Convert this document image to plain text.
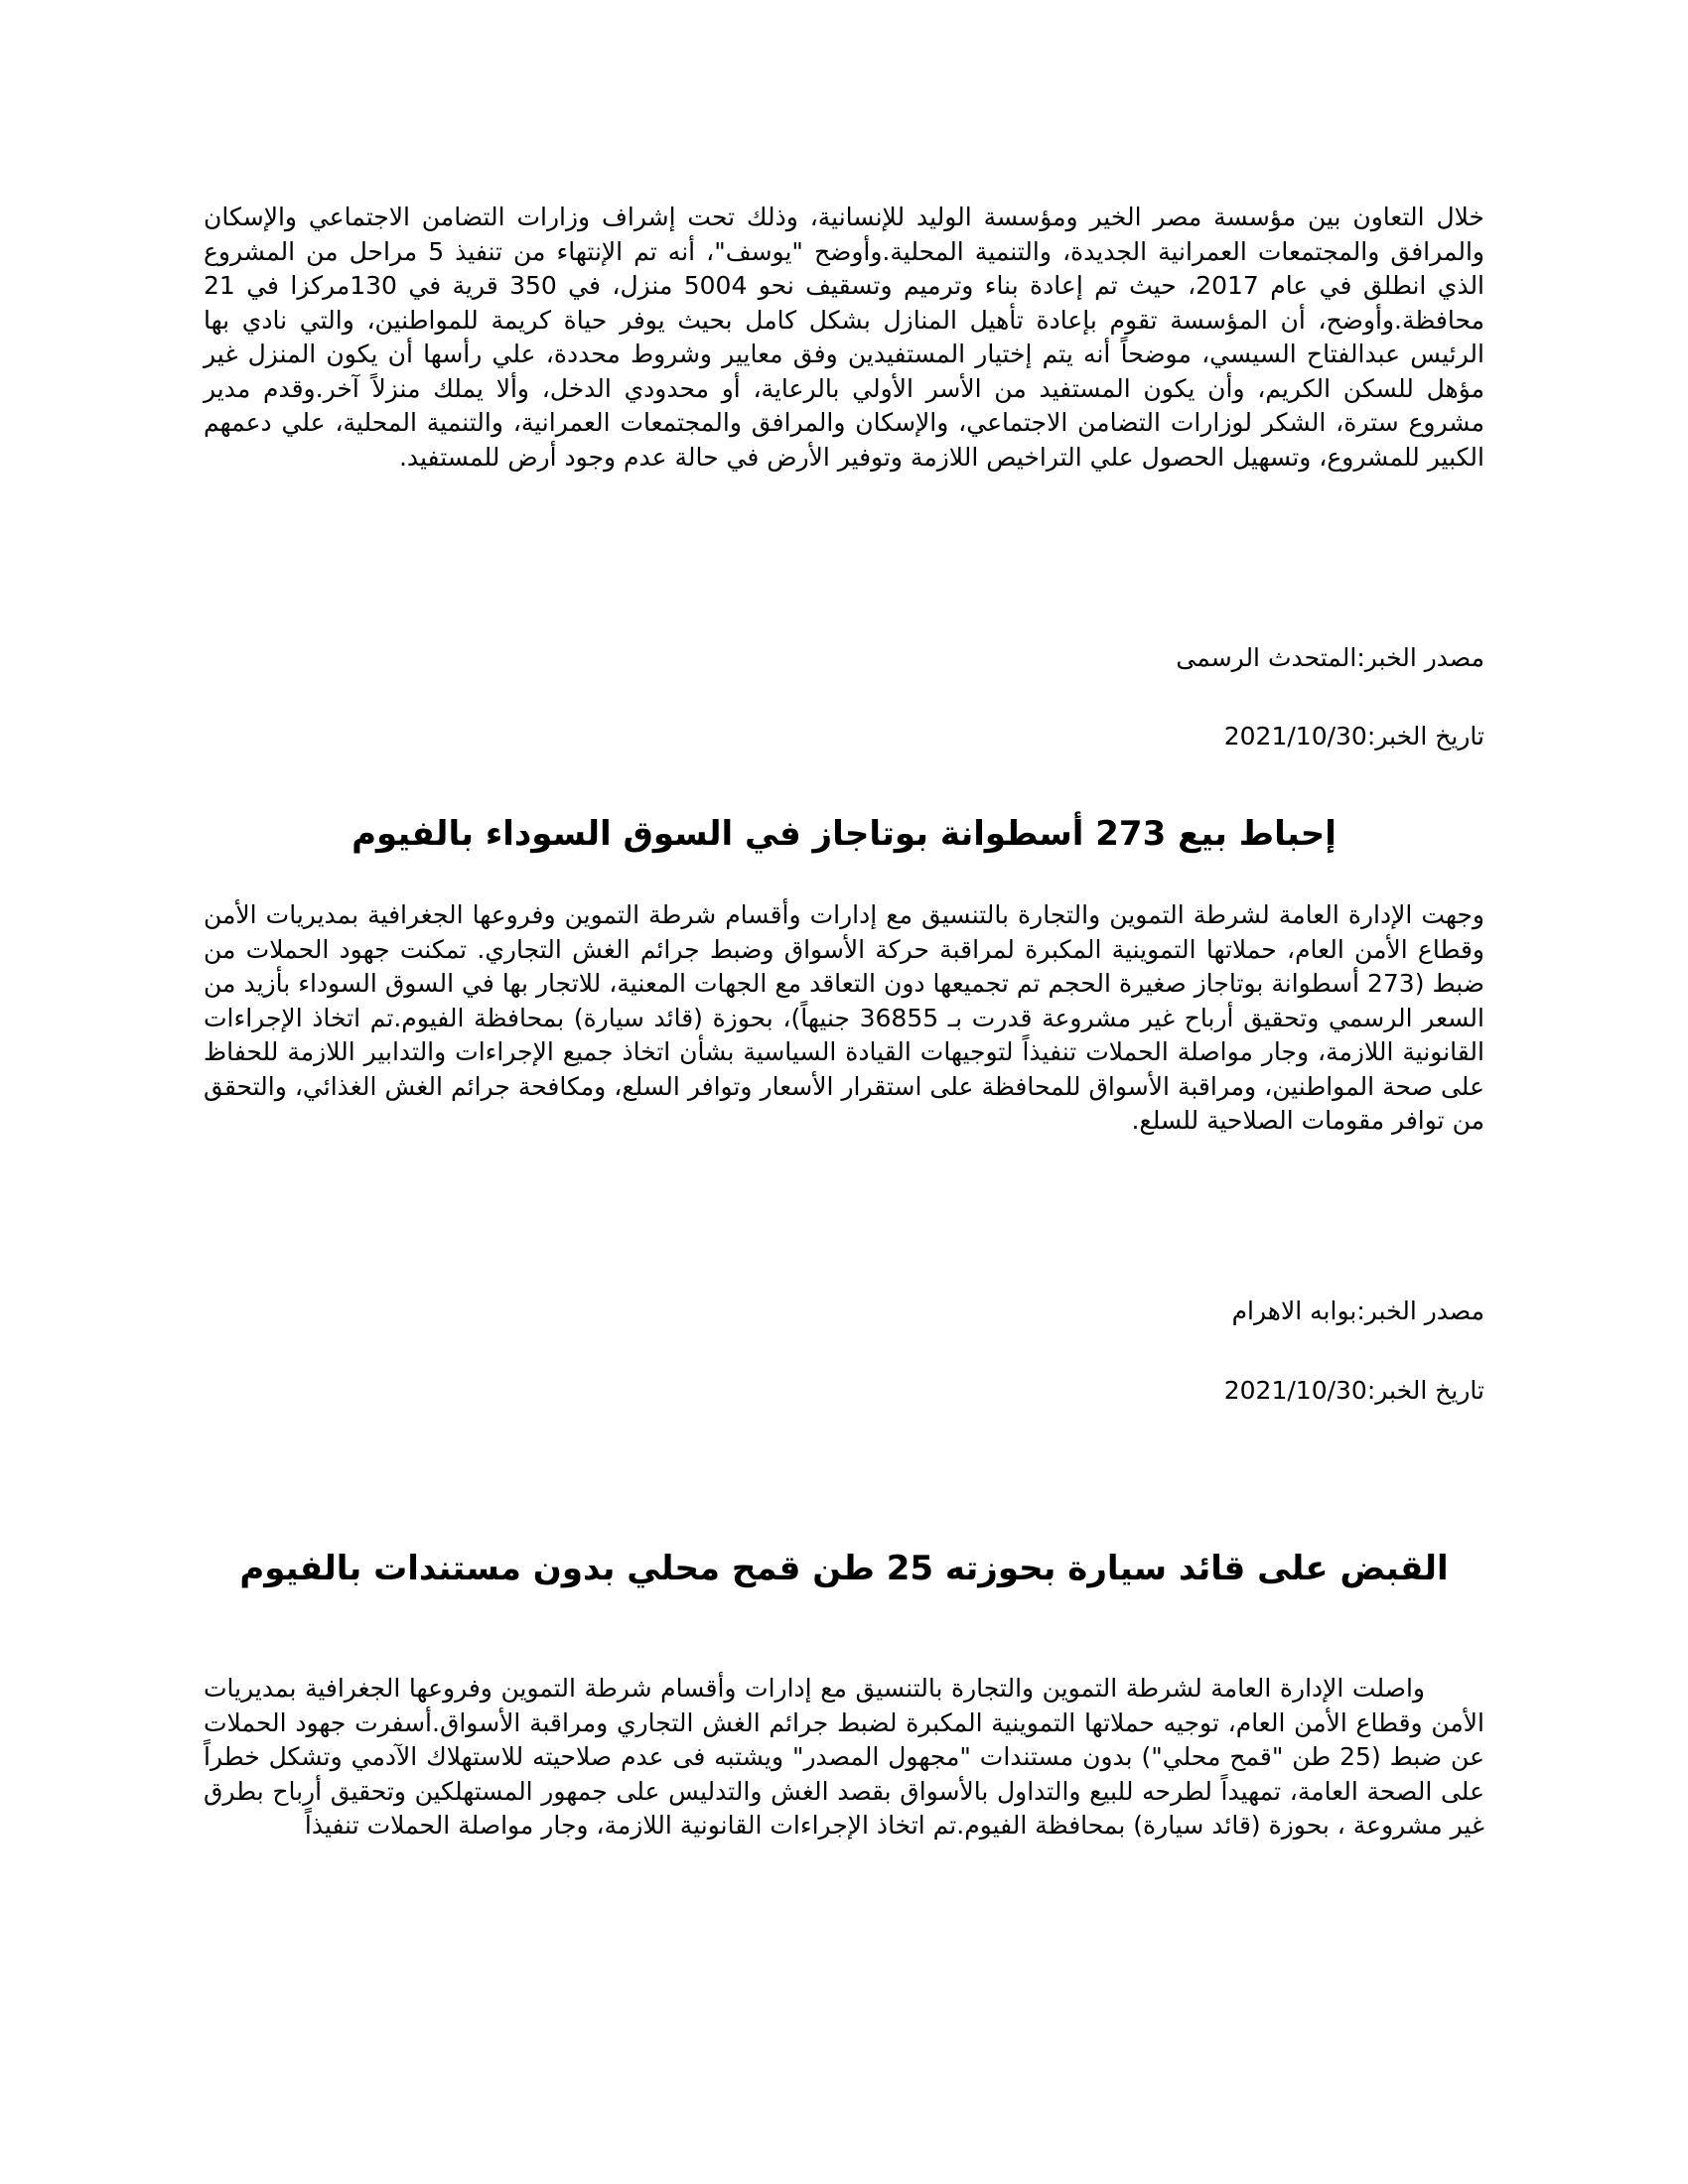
خلال التعاون بين مؤسسة مصر الخير ومؤسسة الوليد للإنسانية، وذلك تحت إشراف وزارات التضامن الاجتماعي والإسكان والمرافق والمجتمعات العمرانية الجديدة، والتنمية المحلية.وأوضح "يوسف"، أنه تم الإنتهاء من تنفيذ 5 مراحل من المشروع الذي انطلق في عام 2017، حيث تم إعادة بناء وترميم وتسقيف نحو 5004 منزل، في 350 قرية في 130مركزا في 21 محافظة.وأوضح، أن المؤسسة تقوم بإعادة تأهيل المنازل بشكل كامل بحيث يوفر حياة كريمة للمواطنين، والتي نادي بها الرئيس عبدالفتاح السيسي، موضحاً أنه يتم إختيار المستفيدين وفق معايير وشروط محددة، علي رأسها أن يكون المنزل غير مؤهل للسكن الكريم، وأن يكون المستفيد من الأسر الأولي بالرعاية، أو محدودي الدخل، وألا يملك منزلاً آخر.وقدم مدير مشروع سترة، الشكر لوزارات التضامن الاجتماعي، والإسكان والمرافق والمجتمعات العمرانية، والتنمية المحلية، علي دعمهم الكبير للمشروع، وتسهيل الحصول علي التراخيص اللازمة وتوفير الأرض في حالة عدم وجود أرض للمستفيد.

مصدر الخبر:المتحدث الرسمى
تاريخ الخبر:2021/10/30
إحباط بيع 273 أسطوانة بوتاجاز في السوق السوداء بالفيوم

وجهت الإدارة العامة لشرطة التموين والتجارة بالتنسيق مع إدارات وأقسام شرطة التموين وفروعها الجغرافية بمديريات الأمن وقطاع الأمن العام، حملاتها التموينية المكبرة لمراقبة حركة الأسواق وضبط جرائم الغش التجاري. تمكنت جهود الحملات من ضبط (273 أسطوانة بوتاجاز صغيرة الحجم تم تجميعها دون التعاقد مع الجهات المعنية، للاتجار بها في السوق السوداء بأزيد من السعر الرسمي وتحقيق أرباح غير مشروعة قدرت بـ 36855 جنيهاً)، بحوزة (قائد سيارة) بمحافظة الفيوم.تم اتخاذ الإجراءات القانونية اللازمة، وجار مواصلة الحملات تنفيذاً لتوجيهات القيادة السياسية بشأن اتخاذ جميع الإجراءات والتدابير اللازمة للحفاظ على صحة المواطنين، ومراقبة الأسواق للمحافظة على استقرار الأسعار وتوافر السلع، ومكافحة جرائم الغش الغذائي، والتحقق من توافر مقومات الصلاحية للسلع.

مصدر الخبر:بوابه الاهرام
تاريخ الخبر:2021/10/30
القبض على قائد سيارة بحوزته 25 طن قمح محلي بدون مستندات بالفيوم

واصلت الإدارة العامة لشرطة التموين والتجارة بالتنسيق مع إدارات وأقسام شرطة التموين وفروعها الجغرافية بمديريات الأمن وقطاع الأمن العام، توجيه حملاتها التموينية المكبرة لضبط جرائم الغش التجاري ومراقبة الأسواق.أسفرت جهود الحملات عن ضبط (25 طن "قمح محلي") بدون مستندات "مجهول المصدر" ويشتبه فى عدم صلاحيته للاستهلاك الآدمي وتشكل خطراً على الصحة العامة، تمهيداً لطرحه للبيع والتداول بالأسواق بقصد الغش والتدليس على جمهور المستهلكين وتحقيق أرباح بطرق غير مشروعة ، بحوزة (قائد سيارة) بمحافظة الفيوم.تم اتخاذ الإجراءات القانونية اللازمة، وجار مواصلة الحملات تنفيذاً
